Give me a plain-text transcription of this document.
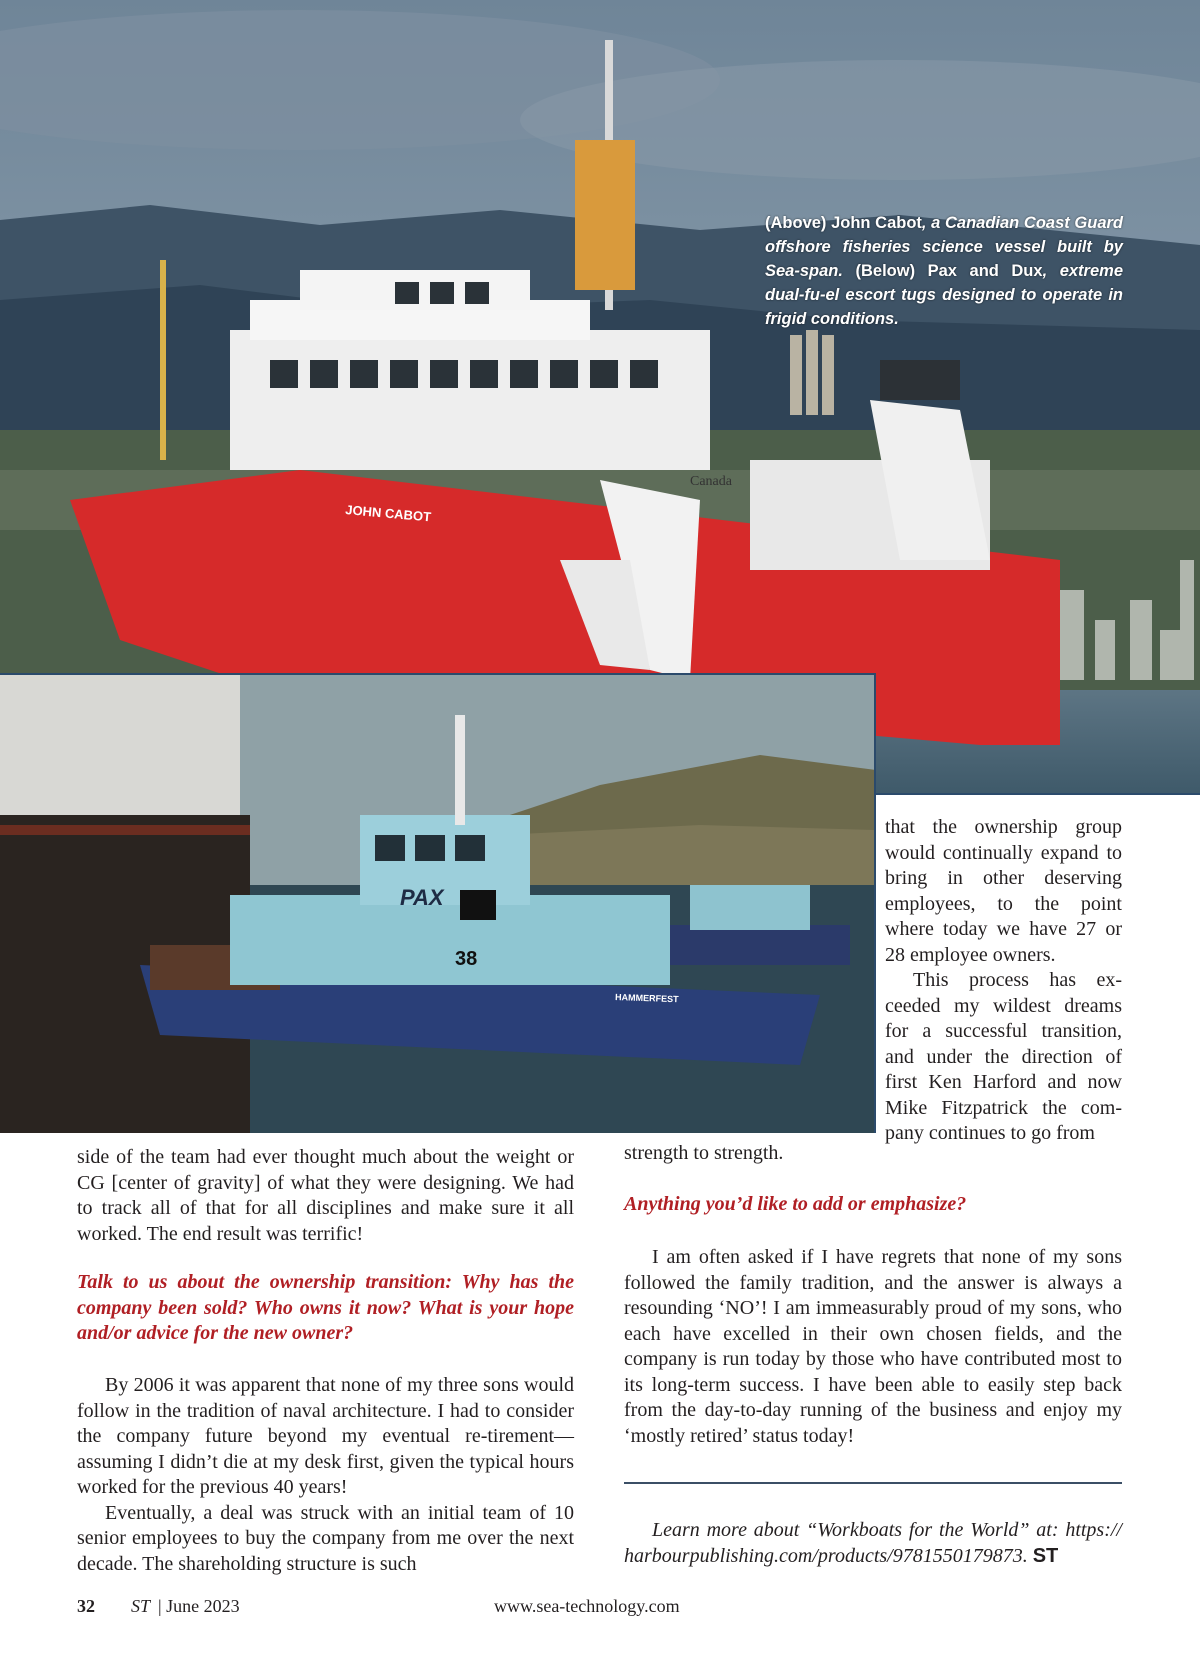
JOHN CABOT
Canada
(Above) John Cabot, a Canadian Coast Guard offshore fisheries science vessel built by Sea-span. (Below) Pax and Dux, extreme dual-fu-el escort tugs designed to operate in frigid conditions.
PAX
38
HAMMERFEST

that the ownership group would continually expand to bring in other deserving employees, to the point where today we have 27 or 28 employee owners.

This process has ex-ceeded my wildest dreams for a successful transition, and under the direction of first Ken Harford and now Mike Fitzpatrick the com-pany continues to go from

strength to strength.

side of the team had ever thought much about the weight or CG [center of gravity] of what they were designing. We had to track all of that for all disciplines and make sure it all worked. The end result was terrific!

Talk to us about the ownership transition: Why has the company been sold? Who owns it now? What is your hope and/or advice for the new owner?

By 2006 it was apparent that none of my three sons would follow in the tradition of naval architecture. I had to consider the company future beyond my eventual re-tirement—assuming I didn’t die at my desk first, given the typical hours worked for the previous 40 years!

Eventually, a deal was struck with an initial team of 10 senior employees to buy the company from me over the next decade. The shareholding structure is such

Anything you’d like to add or emphasize?

I am often asked if I have regrets that none of my sons followed the family tradition, and the answer is always a resounding ‘NO’! I am immeasurably proud of my sons, who each have excelled in their own chosen fields, and the company is run today by those who have contributed most to its long-term success. I have been able to easily step back from the day-to-day running of the business and enjoy my ‘mostly retired’ status today!

Learn more about “Workboats for the World” at: https:// harbourpublishing.com/products/9781550179873. ST

32 ST | June 2023	www.sea-technology.com
